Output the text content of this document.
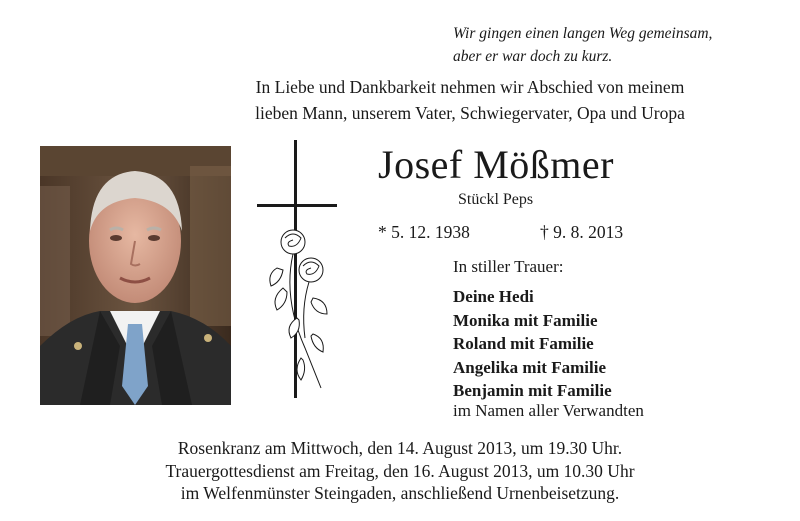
Wir gingen einen langen Weg gemeinsam,
aber er war doch zu kurz.
In Liebe und Dankbarkeit nehmen wir Abschied von meinem
lieben Mann, unserem Vater, Schwiegervater, Opa und Uropa
Josef Mößmer
Stückl Peps
* 5. 12. 1938	† 9. 8. 2013
In stiller Trauer:
Deine Hedi
Monika mit Familie
Roland mit Familie
Angelika mit Familie
Benjamin mit Familie
im Namen aller Verwandten
Rosenkranz am Mittwoch, den 14. August 2013, um 19.30 Uhr.
Trauergottesdienst am Freitag, den 16. August 2013, um 10.30 Uhr
im Welfenmünster Steingaden, anschließend Urnenbeisetzung.
